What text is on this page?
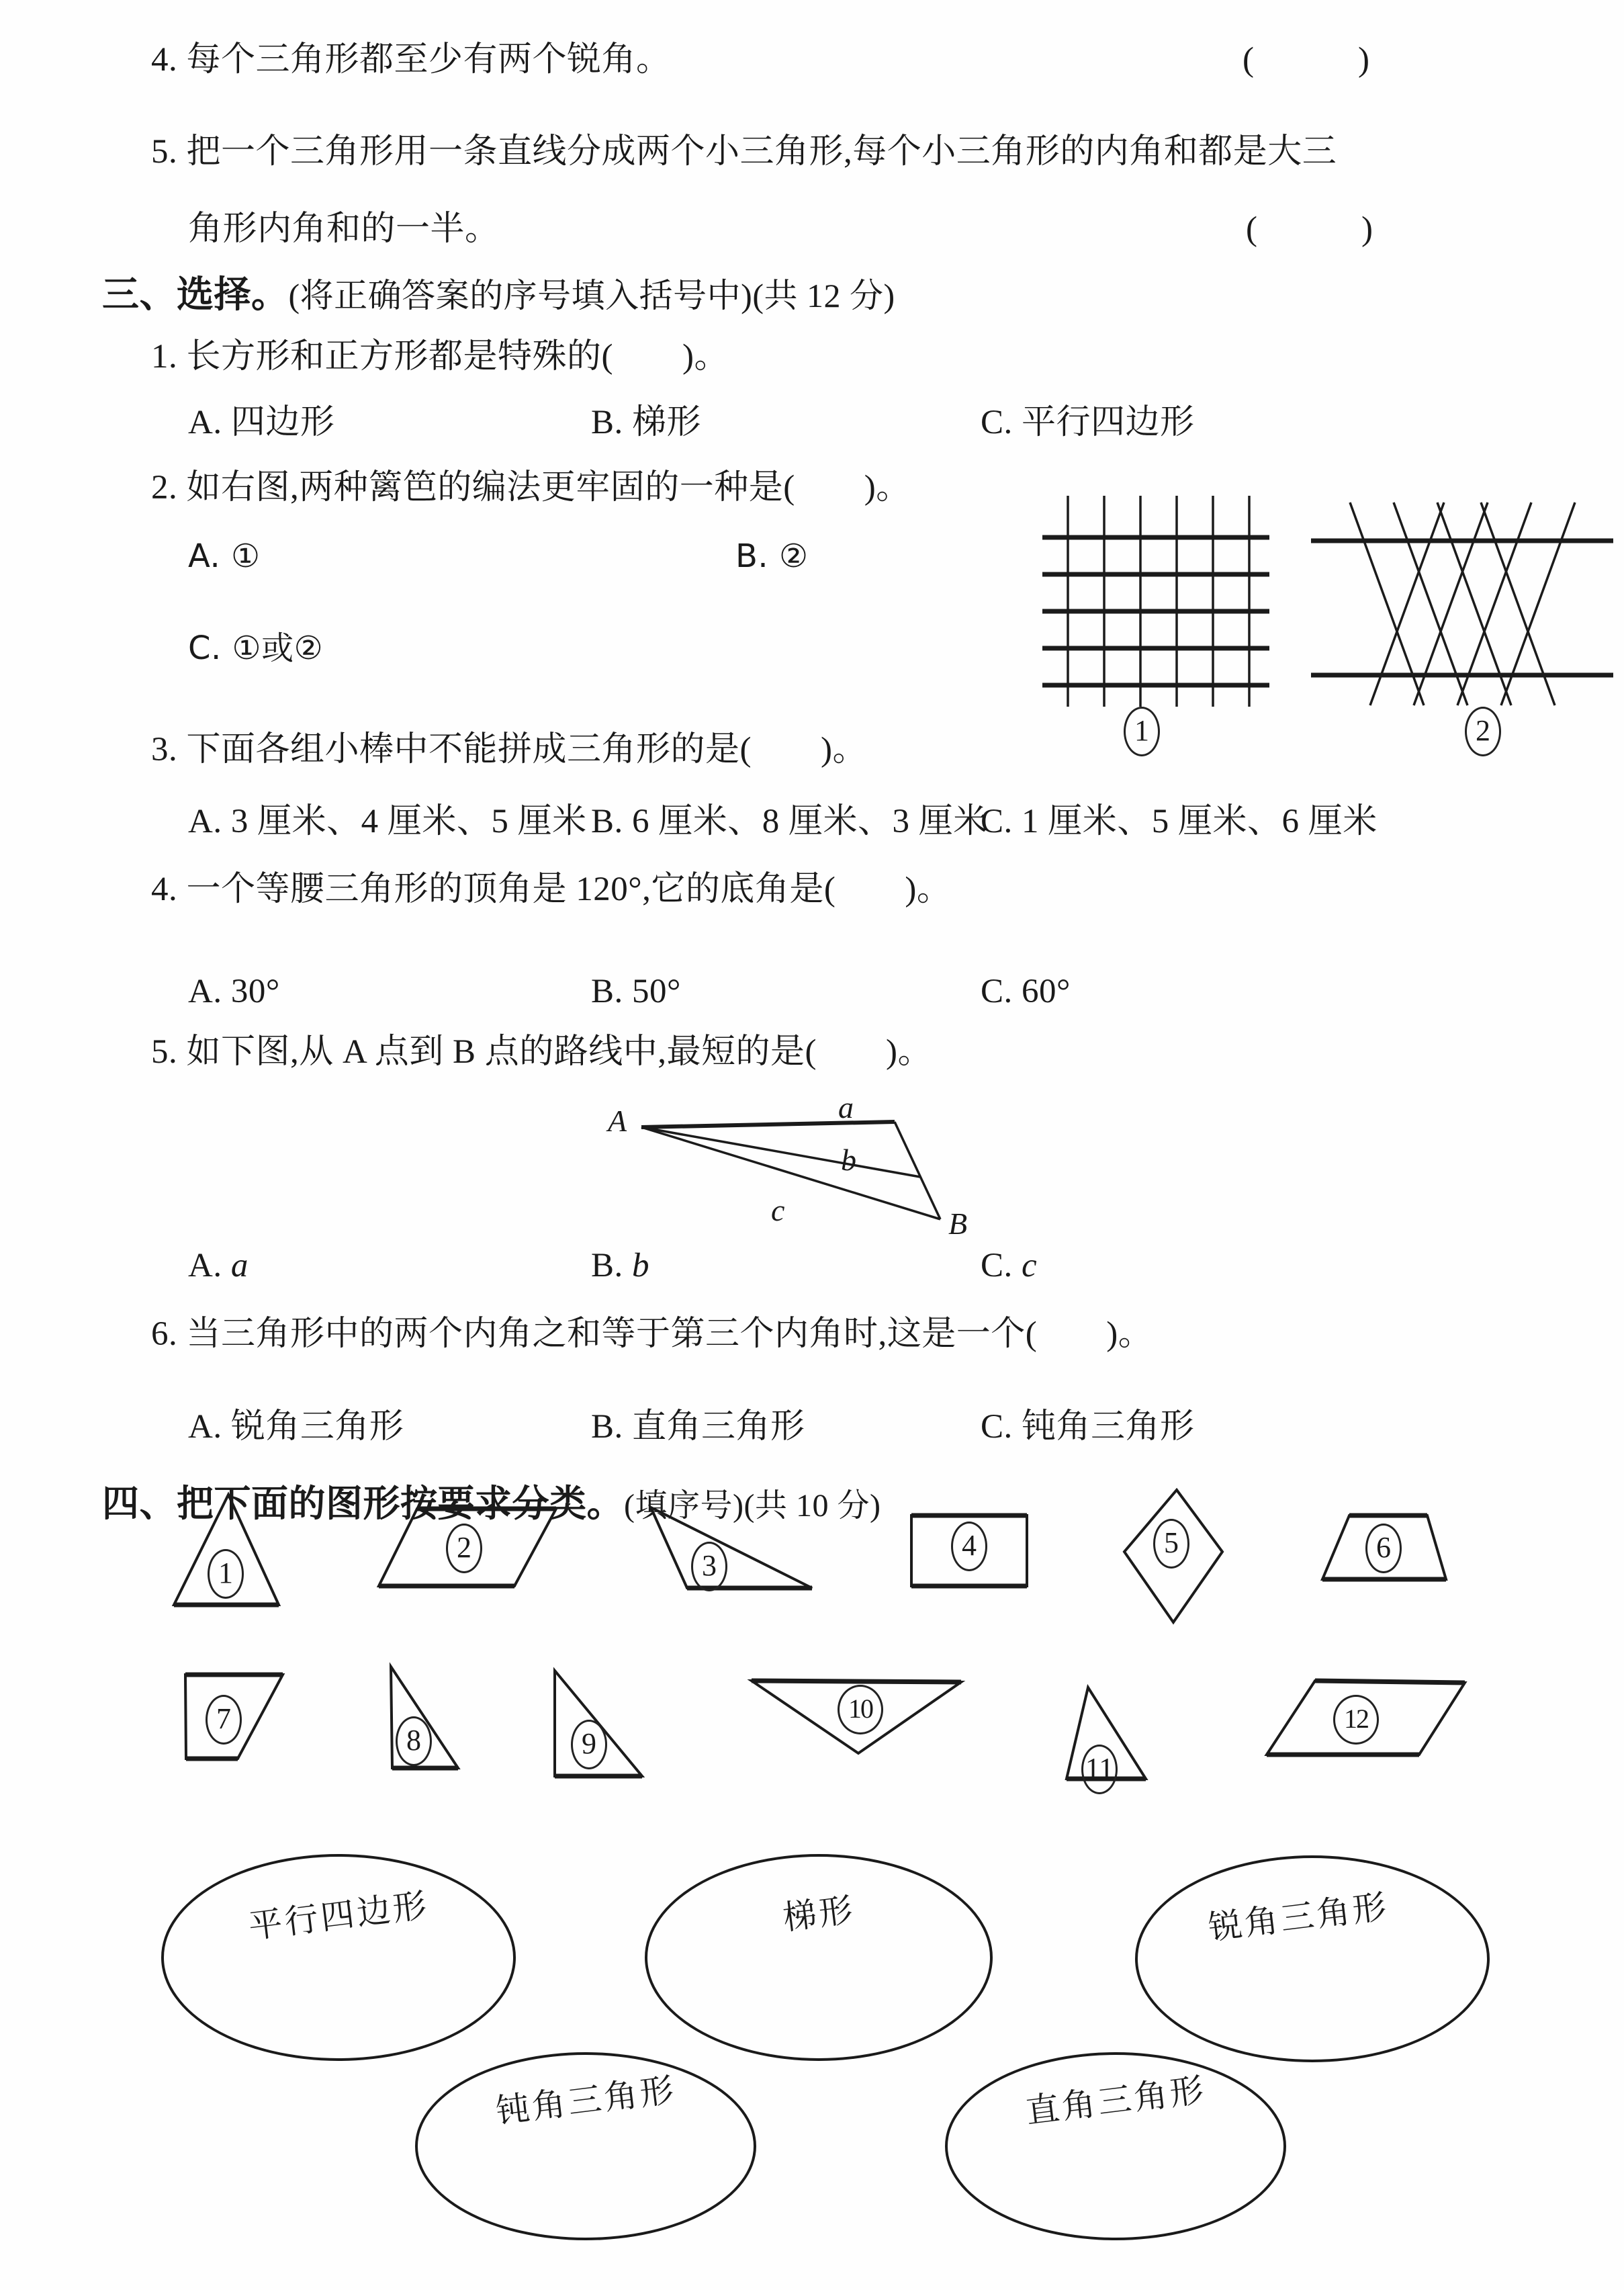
4. 每个三角形都至少有两个锐角。	(　　　)
5. 把一个三角形用一条直线分成两个小三角形,每个小三角形的内角和都是大三
角形内角和的一半。	(　　　)
三、选择。(将正确答案的序号填入括号中)(共 12 分)
1. 长方形和正方形都是特殊的(　　)。
A. 四边形	B. 梯形	C. 平行四边形
2. 如右图,两种篱笆的编法更牢固的一种是(　　)。
A. ①	B. ②
C. ①或②
1	2
3. 下面各组小棒中不能拼成三角形的是(　　)。
A. 3 厘米、4 厘米、5 厘米 B. 6 厘米、8 厘米、3 厘米
C. 1 厘米、5 厘米、6 厘米
4. 一个等腰三角形的顶角是 120°,它的底角是(　　)。
A. 30°	B. 50°	C. 60°
5. 如下图,从 A 点到 B 点的路线中,最短的是(　　)。
A	a
b
c	B
A. a	B. b	C. c
6. 当三角形中的两个内角之和等于第三个内角时,这是一个(　　)。
A. 锐角三角形	B. 直角三角形	C. 钝角三角形
四、把下面的图形按要求分类。(填序号)(共 10 分)
1
2
3
4	5	6
7
8	9
10
11
12
平行四边形	梯形	锐角三角形
钝角三角形	直角三角形
